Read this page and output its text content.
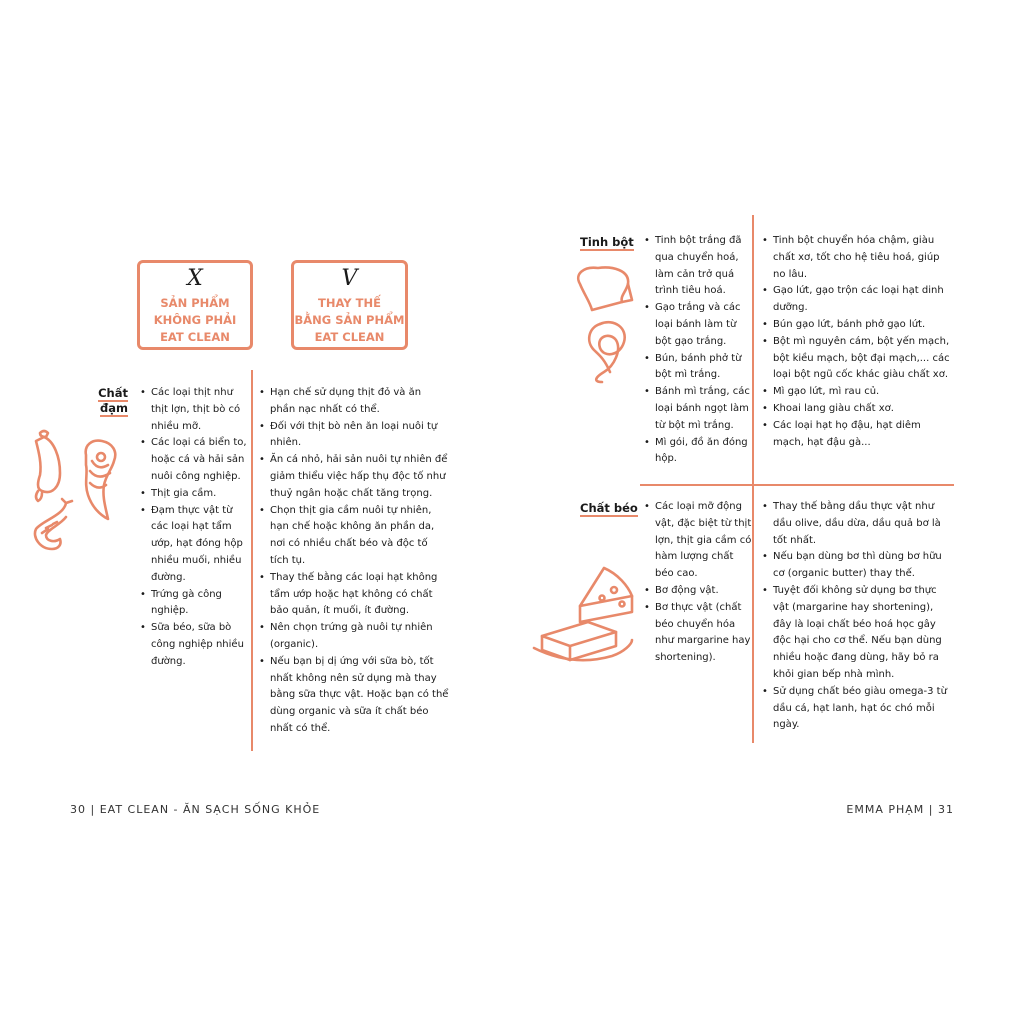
X
SẢN PHẨM
KHÔNG PHẢI
EAT CLEAN
V
THAY THẾ
BẰNG SẢN PHẨM
EAT CLEAN
Chất đạm
• Các loại thịt như thịt lợn, thịt bò có nhiều mỡ.
• Các loại cá biển to, hoặc cá và hải sản nuôi công nghiệp.
• Thịt gia cầm.
• Đạm thực vật từ các loại hạt tẩm ướp, hạt đóng hộp nhiều muối, nhiều đường.
• Trứng gà công nghiệp.
• Sữa béo, sữa bò công nghiệp nhiều đường.
• Hạn chế sử dụng thịt đỏ và ăn phần nạc nhất có thể.
• Đối với thịt bò nên ăn loại nuôi tự nhiên.
• Ăn cá nhỏ, hải sản nuôi tự nhiên để giảm thiểu việc hấp thụ độc tố như thuỷ ngân hoặc chất tăng trọng.
• Chọn thịt gia cầm nuôi tự nhiên, hạn chế hoặc không ăn phần da, nơi có nhiều chất béo và độc tố tích tụ.
• Thay thế bằng các loại hạt không tẩm ướp hoặc hạt không có chất bảo quản, ít muối, ít đường.
• Nên chọn trứng gà nuôi tự nhiên (organic).
• Nếu bạn bị dị ứng với sữa bò, tốt nhất không nên sử dụng mà thay bằng sữa thực vật. Hoặc bạn có thể dùng organic và sữa ít chất béo nhất có thể.
30 | EAT CLEAN - ĂN SẠCH SỐNG KHỎE
Tinh bột	• Tinh bột trắng đã qua chuyển hoá, làm cản trở quá trình tiêu hoá.
• Gạo trắng và các loại bánh làm từ bột gạo trắng.
• Bún, bánh phở từ bột mì trắng.
• Bánh mì trắng, các loại bánh ngọt làm từ bột mì trắng.
• Mì gói, đồ ăn đóng hộp.
• Tinh bột chuyển hóa chậm, giàu chất xơ, tốt cho hệ tiêu hoá, giúp no lâu.
• Gạo lứt, gạo trộn các loại hạt dinh dưỡng.
• Bún gạo lứt, bánh phở gạo lứt.
• Bột mì nguyên cám, bột yến mạch, bột kiều mạch, bột đại mạch,... các loại bột ngũ cốc khác giàu chất xơ.
• Mì gạo lứt, mì rau củ.
• Khoai lang giàu chất xơ.
• Các loại hạt họ đậu, hạt diêm mạch, hạt đậu gà...
Chất béo	• Các loại mỡ động vật, đặc biệt từ thịt lợn, thịt gia cầm có hàm lượng chất béo cao.
• Bơ động vật.
• Bơ thực vật (chất béo chuyển hóa như margarine hay shortening).
• Thay thế bằng dầu thực vật như dầu olive, dầu dừa, dầu quả bơ là tốt nhất.
• Nếu bạn dùng bơ thì dùng bơ hữu cơ (organic butter) thay thế.
• Tuyệt đối không sử dụng bơ thực vật (margarine hay shortening), đây là loại chất béo hoá học gây độc hại cho cơ thể. Nếu bạn dùng nhiều hoặc đang dùng, hãy bỏ ra khỏi gian bếp nhà mình.
• Sử dụng chất béo giàu omega-3 từ dầu cá, hạt lanh, hạt óc chó mỗi ngày.
EMMA PHẠM | 31
